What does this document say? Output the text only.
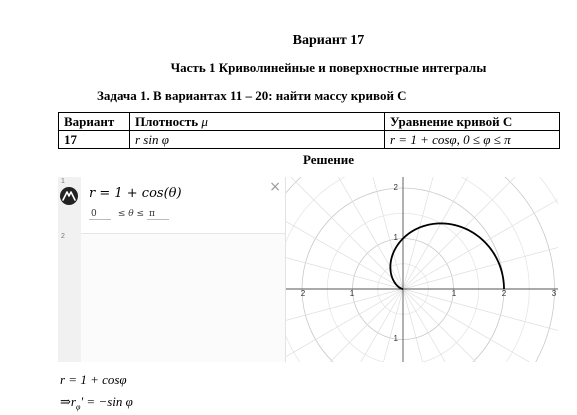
Вариант 17
Часть 1 Криволинейные и поверхностные интегралы
Задача 1. В вариантах 11 – 20: найти массу кривой С
Вариант	Плотность μ	Уравнение кривой С
17	r sin φ	r = 1 + cosφ, 0 ≤ φ ≤ π
Решение
1
2
r = 1 + cos(θ)
0 ≤ θ ≤ π
×
2	1	1	2	3
2
1
1
r = 1 + cosφ
$\Rightarrow r_\varphi' = -\sin$ φ
